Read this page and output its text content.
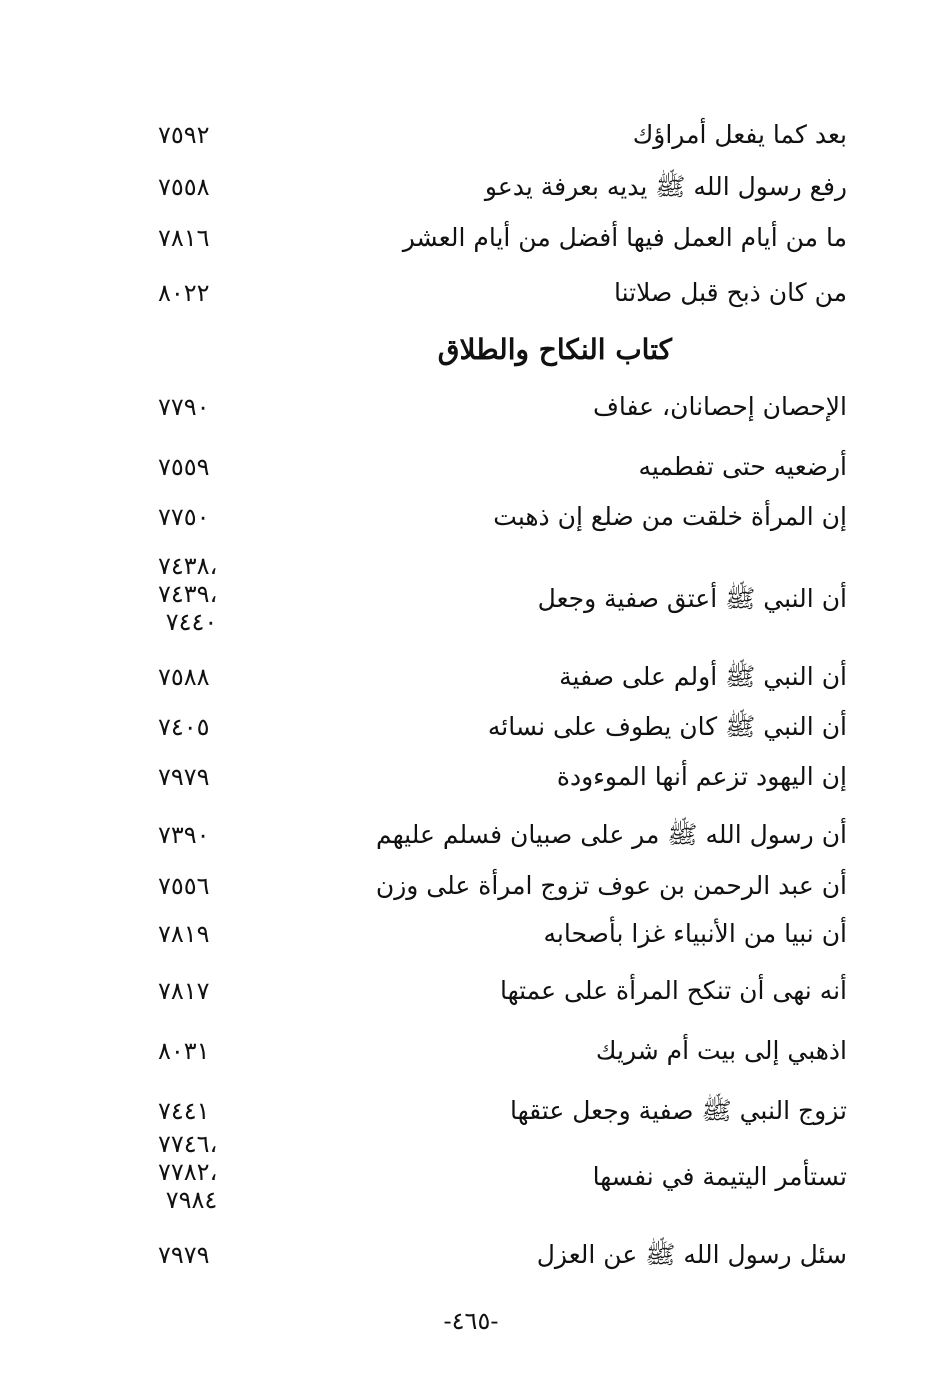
بعد كما يفعل أمراؤك
٧٥٩٢
رفع رسول الله ﷺ يديه بعرفة يدعو
٧٥٥٨
ما من أيام العمل فيها أفضل من أيام العشر
٧٨١٦
من كان ذبح قبل صلاتنا
٨٠٢٢
كتاب النكاح والطلاق
الإحصان إحصانان، عفاف
٧٧٩٠
أرضعيه حتى تفطميه
٧٥٥٩
إن المرأة خلقت من ضلع إن ذهبت
٧٧٥٠
أن النبي ﷺ أعتق صفية وجعل
،٧٤٣٨
،٧٤٣٩
٧٤٤٠
أن النبي ﷺ أولم على صفية
٧٥٨٨
أن النبي ﷺ كان يطوف على نسائه
٧٤٠٥
إن اليهود تزعم أنها الموءودة
٧٩٧٩
أن رسول الله ﷺ مر على صبيان فسلم عليهم
٧٣٩٠
أن عبد الرحمن بن عوف تزوج امرأة على وزن
٧٥٥٦
أن نبيا من الأنبياء غزا بأصحابه
٧٨١٩
أنه نهى أن تنكح المرأة على عمتها
٧٨١٧
اذهبي إلى بيت أم شريك
٨٠٣١
تزوج النبي ﷺ صفية وجعل عتقها
٧٤٤١
تستأمر اليتيمة في نفسها
،٧٧٤٦
،٧٧٨٢
٧٩٨٤
سئل رسول الله ﷺ عن العزل
٧٩٧٩
-٤٦٥-
